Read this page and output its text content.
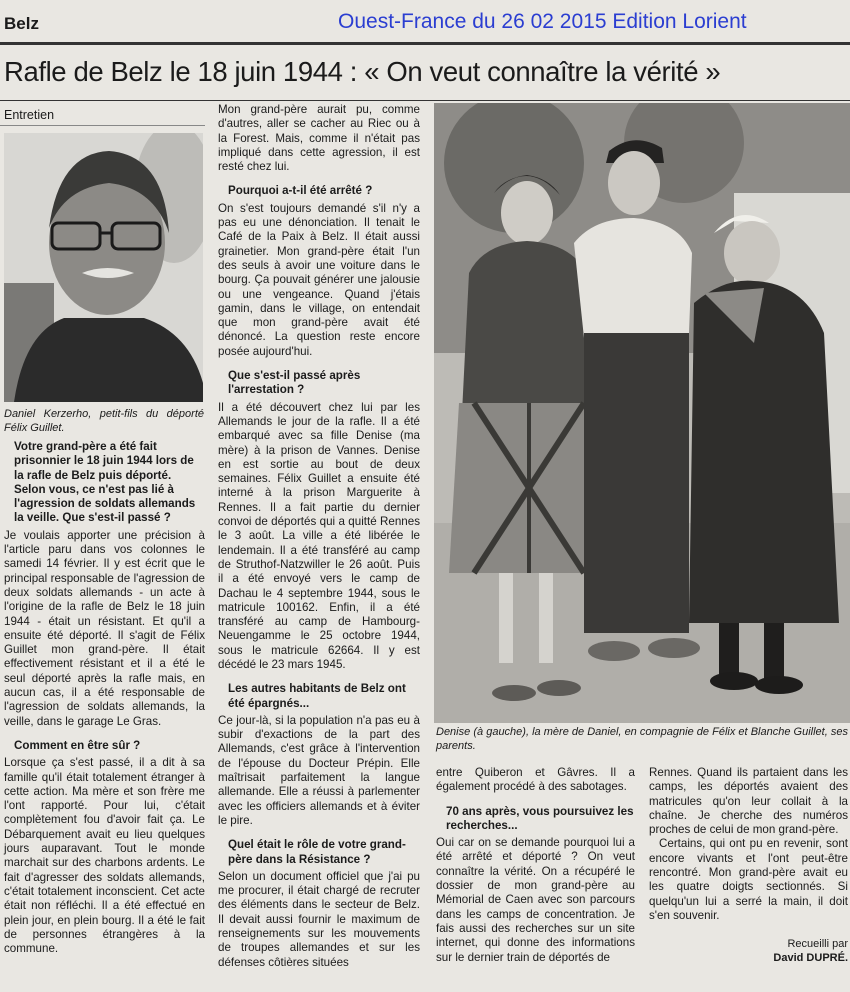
Belz	Ouest-France du 26 02 2015 Edition Lorient
Rafle de Belz le 18 juin 1944 : « On veut connaître la vérité »
Entretien
Daniel Kerzerho, petit-fils du déporté Félix Guillet.

Votre grand-père a été fait prisonnier le 18 juin 1944 lors de la rafle de Belz puis déporté. Selon vous, ce n'est pas lié à l'agression de soldats allemands la veille. Que s'est-il passé ?

Je voulais apporter une précision à l'article paru dans vos colonnes le samedi 14 février. Il y est écrit que le principal responsable de l'agression de deux soldats allemands - un acte à l'origine de la rafle de Belz le 18 juin 1944 - était un résistant. Et qu'il a ensuite été déporté. Il s'agit de Félix Guillet mon grand-père. Il était effectivement résistant et il a été le seul déporté après la rafle mais, en aucun cas, il a été responsable de l'agression de soldats allemands, la veille, dans le garage Le Gras.

Comment en être sûr ?

Lorsque ça s'est passé, il a dit à sa famille qu'il était totalement étranger à cette action. Ma mère et son frère me l'ont rapporté. Pour lui, c'était complètement fou d'avoir fait ça. Le Débarquement avait eu lieu quelques jours auparavant. Tout le monde marchait sur des charbons ardents. Le fait d'agresser des soldats allemands, c'était totalement inconscient. Cet acte était non réfléchi. Il a été effectué en plein jour, en plein bourg. Il a été le fait de personnes étrangères à la commune.

Mon grand-père aurait pu, comme d'autres, aller se cacher au Riec ou à la Forest. Mais, comme il n'était pas impliqué dans cette agression, il est resté chez lui.

Pourquoi a-t-il été arrêté ?

On s'est toujours demandé s'il n'y a pas eu une dénonciation. Il tenait le Café de la Paix à Belz. Il était aussi grainetier. Mon grand-père était l'un des seuls à avoir une voiture dans le bourg. Ça pouvait générer une jalousie ou une vengeance. Quand j'étais gamin, dans le village, on entendait que mon grand-père avait été dénoncé. La question reste encore posée aujourd'hui.

Que s'est-il passé après l'arrestation ?

Il a été découvert chez lui par les Allemands le jour de la rafle. Il a été embarqué avec sa fille Denise (ma mère) à la prison de Vannes. Denise en est sortie au bout de deux semaines. Félix Guillet a ensuite été interné à la prison Marguerite à Rennes. Il a fait partie du dernier convoi de déportés qui a quitté Rennes le 3 août. La ville a été libérée le lendemain. Il a été transféré au camp de Struthof-Natzwiller le 26 août. Puis il a été envoyé vers le camp de Dachau le 4 septembre 1944, sous le matricule 100162. Enfin, il a été transféré au camp de Hambourg-Neuengamme le 25 octobre 1944, sous le matricule 62664. Il y est décédé le 23 mars 1945.

Les autres habitants de Belz ont été épargnés...

Ce jour-là, si la population n'a pas eu à subir d'exactions de la part des Allemands, c'est grâce à l'intervention de l'épouse du Docteur Prépin. Elle maîtrisait parfaitement la langue allemande. Elle a réussi à parlementer avec les officiers allemands et à éviter le pire.

Quel était le rôle de votre grand-père dans la Résistance ?

Selon un document officiel que j'ai pu me procurer, il était chargé de recruter des éléments dans le secteur de Belz. Il devait aussi fournir le maximum de renseignements sur les mouvements de troupes allemandes et sur les défenses côtières situées

Denise (à gauche), la mère de Daniel, en compagnie de Félix et Blanche Guillet, ses parents.

entre Quiberon et Gâvres. Il a également procédé à des sabotages.

70 ans après, vous poursuivez les recherches...

Oui car on se demande pourquoi lui a été arrêté et déporté ? On veut connaître la vérité. On a récupéré le dossier de mon grand-père au Mémorial de Caen avec son parcours dans les camps de concentration. Je fais aussi des recherches sur un site internet, qui donne des informations sur le dernier train de déportés de

Rennes. Quand ils partaient dans les camps, les déportés avaient des matricules qu'on leur collait à la chaîne. Je cherche des numéros proches de celui de mon grand-père.

Certains, qui ont pu en revenir, sont encore vivants et l'ont peut-être rencontré. Mon grand-père avait eu les quatre doigts sectionnés. Si quelqu'un lui a serré la main, il doit s'en souvenir.

Recueilli par
David DUPRÉ.
